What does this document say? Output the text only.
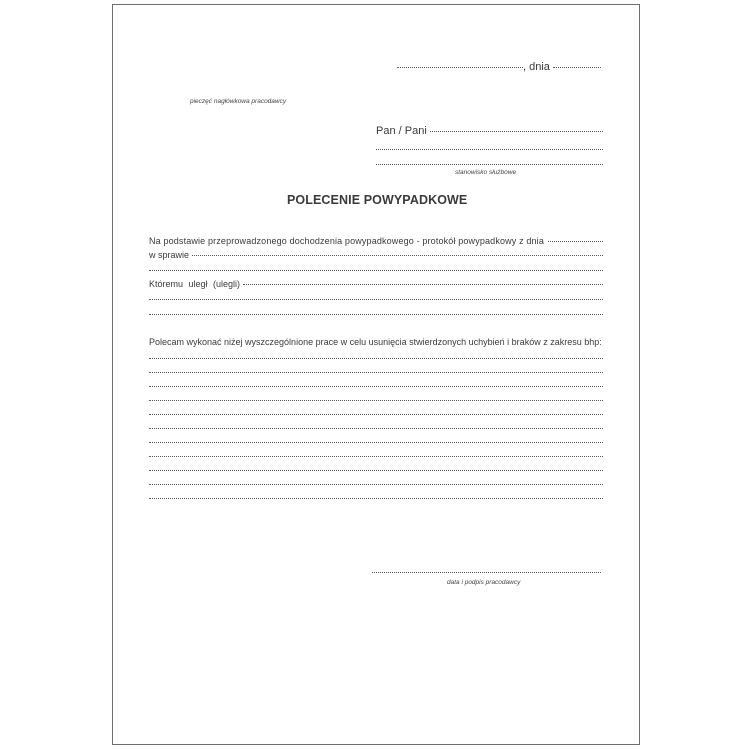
, dnia
pieczęć nagłówkowa pracodawcy
Pan / Pani
stanowisko służbowe
POLECENIE POWYPADKOWE
Na podstawie przeprowadzonego dochodzenia powypadkowego - protokół powypadkowy z dnia
w sprawie
Któremu uległ (ulegli)
Polecam wykonać niżej wyszczególnione prace w celu usunięcia stwierdzonych uchybień i braków z zakresu bhp:
data i podpis pracodawcy
